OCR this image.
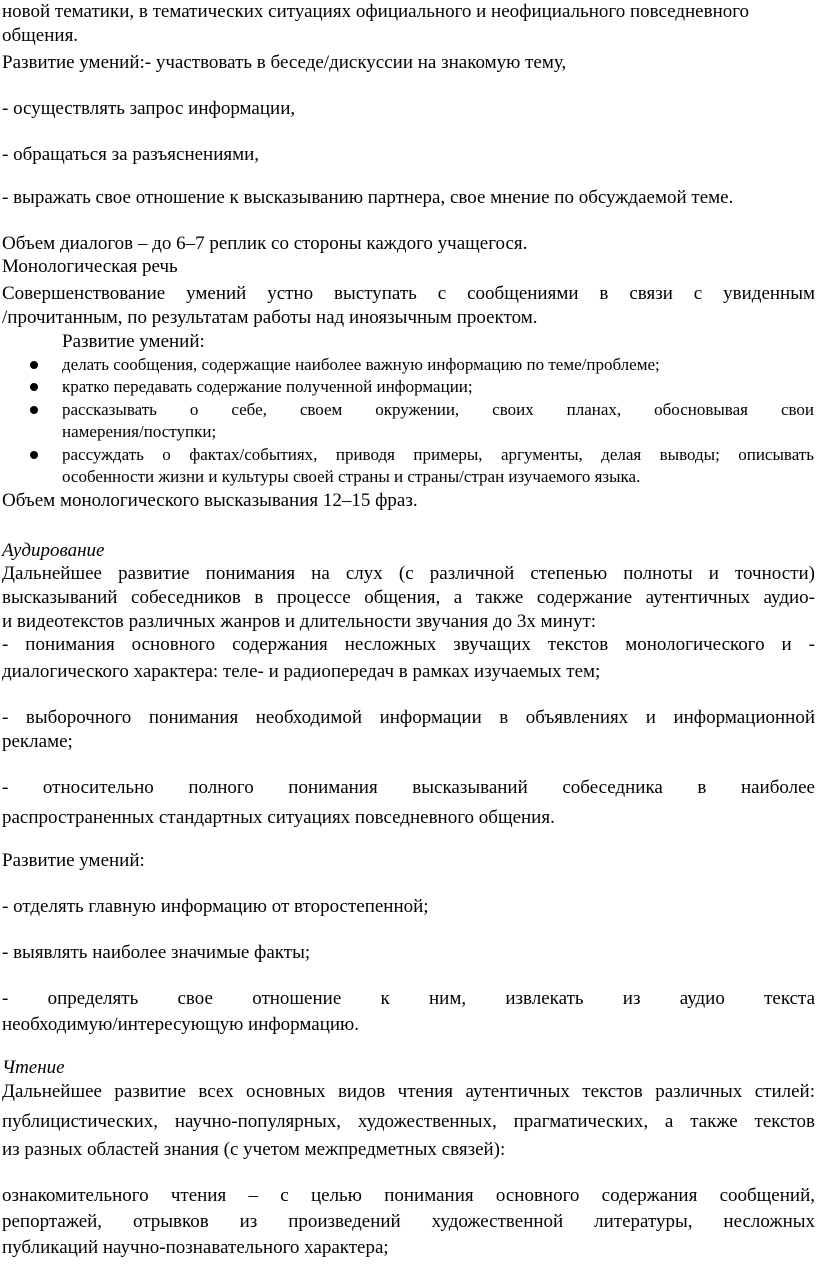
новой тематики, в тематических ситуациях официального и неофициального повседневного
общения.
Развитие умений:- участвовать в беседе/дискуссии на знакомую тему,
- осуществлять запрос информации,
- обращаться за разъяснениями,
- выражать свое отношение к высказыванию партнера, свое мнение по обсуждаемой теме.
Объем диалогов – до 6–7 реплик со стороны каждого учащегося.
Монологическая речь
Совершенствование умений устно выступать с сообщениями в связи с увиденным
/прочитанным, по результатам работы над иноязычным проектом.
Развитие умений:
делать сообщения, содержащие наиболее важную информацию по теме/проблеме;
кратко передавать содержание полученной информации;
рассказывать о себе, своем окружении, своих планах, обосновывая свои
намерения/поступки;
рассуждать о фактах/событиях, приводя примеры, аргументы, делая выводы; описывать
особенности жизни и культуры своей страны и страны/стран изучаемого языка.
Объем монологического высказывания 12–15 фраз.
Аудирование
Дальнейшее развитие понимания на слух (с различной степенью полноты и точности)
высказываний собеседников в процессе общения, а также содержание аутентичных аудио-
и видеотекстов различных жанров и длительности звучания до 3х минут:
- понимания основного содержания несложных звучащих текстов монологического и -
диалогического характера: теле- и радиопередач в рамках изучаемых тем;
- выборочного понимания необходимой информации в объявлениях и информационной
рекламе;
- относительно полного понимания высказываний собеседника в наиболее
распространенных стандартных ситуациях повседневного общения.
Развитие умений:
- отделять главную информацию от второстепенной;
- выявлять наиболее значимые факты;
- определять свое отношение к ним, извлекать из аудио текста
необходимую/интересующую информацию.
Чтение
Дальнейшее развитие всех основных видов чтения аутентичных текстов различных стилей:
публицистических, научно-популярных, художественных, прагматических, а также текстов
из разных областей знания (с учетом межпредметных связей):
ознакомительного чтения – с целью понимания основного содержания сообщений,
репортажей, отрывков из произведений художественной литературы, несложных
публикаций научно-познавательного характера;
